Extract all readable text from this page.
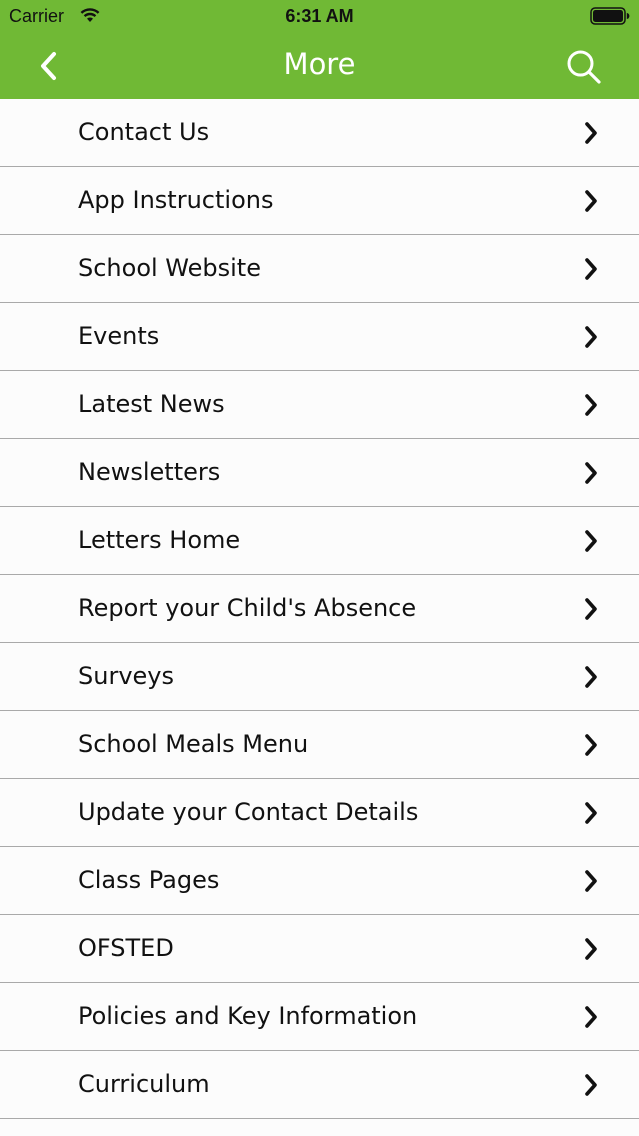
Carrier	6:31 AM
More
Contact Us
App Instructions
School Website
Events
Latest News
Newsletters
Letters Home
Report your Child's Absence
Surveys
School Meals Menu
Update your Contact Details
Class Pages
OFSTED
Policies and Key Information
Curriculum
